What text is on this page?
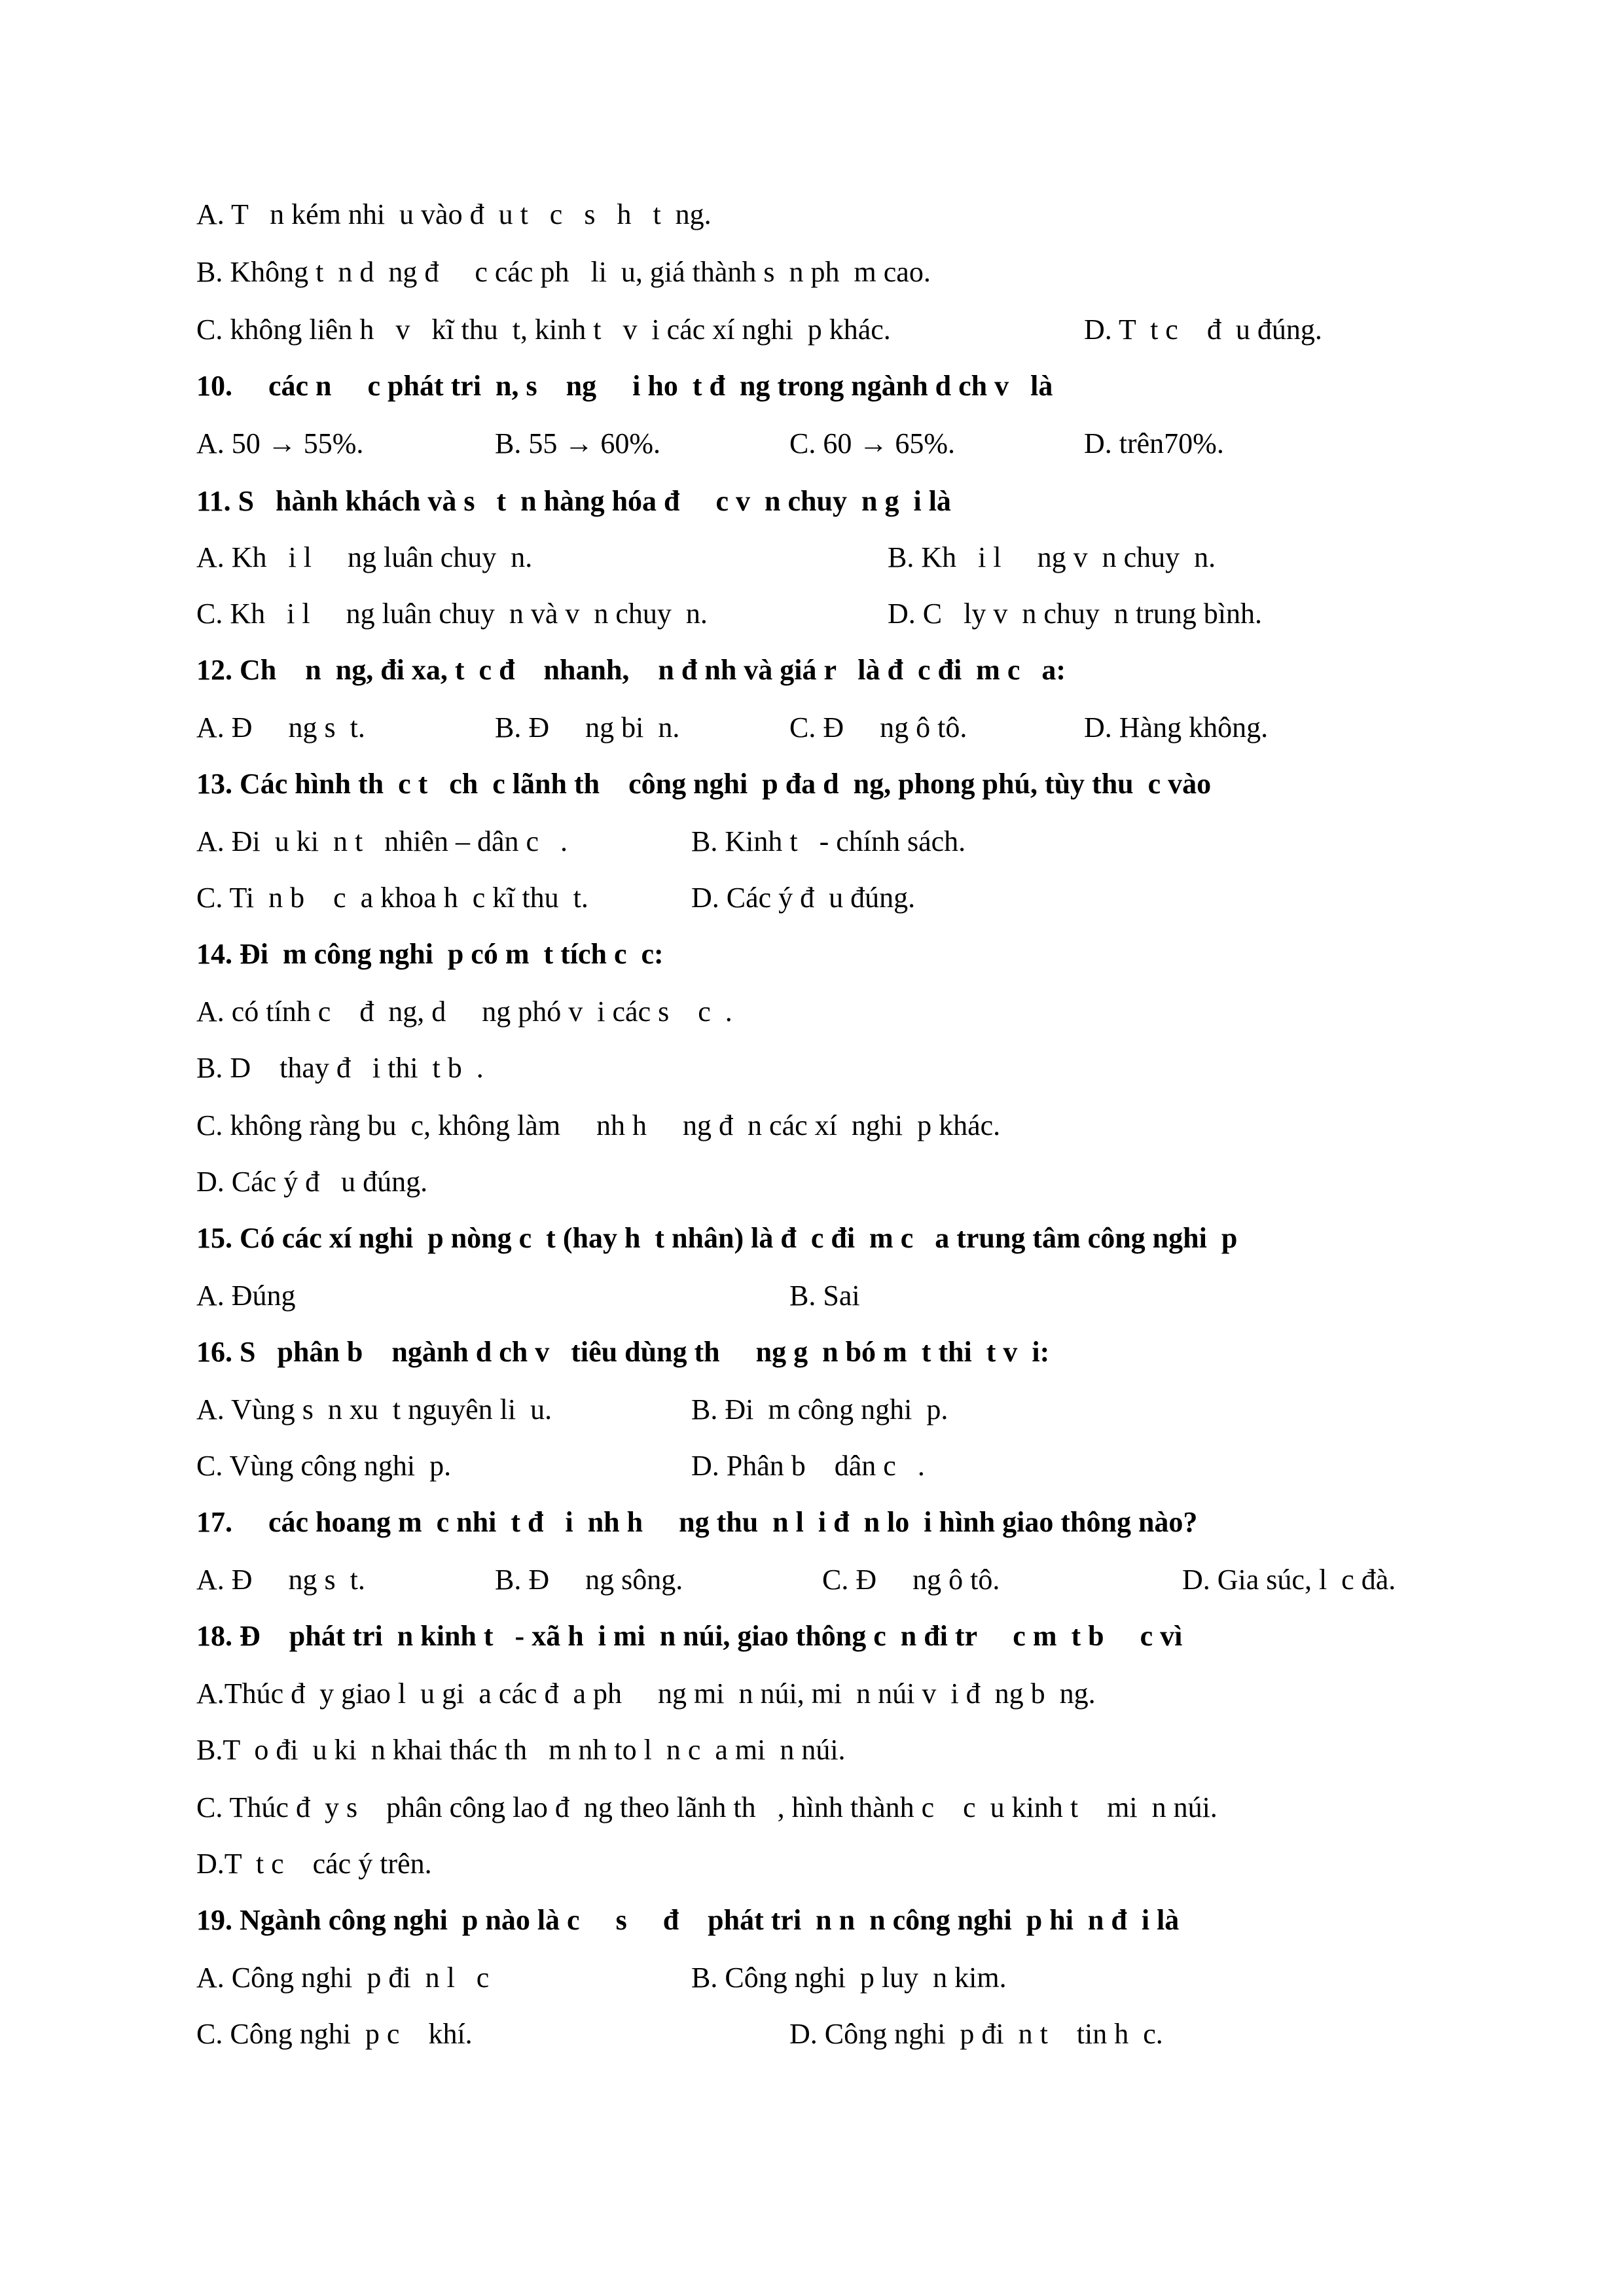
A. T   n kém nhi  u vào đ  u t   c   s   h   t  ng.
B. Không t  n d  ng đ     c các ph   li  u, giá thành s  n ph  m cao.

C. không liên h   v   kĩ thu  t, kinh t   v  i các xí nghi  p khác.

	D. T  t c    đ  u đúng.

10.     các n     c phát tri  n, s    ng     i ho  t đ  ng trong ngành d ch v   là

A. 50 → 55%.

	B. 55 → 60%.

	C. 60 → 65%.

	D. trên70%.

11. S   hành khách và s   t  n hàng hóa đ     c v  n chuy  n g  i là

A. Kh   i l     ng luân chuy  n.

	B. Kh   i l     ng v  n chuy  n.

C. Kh   i l     ng luân chuy  n và v  n chuy  n.

	D. C   ly v  n chuy  n trung bình.

12. Ch    n  ng, đi xa, t  c đ    nhanh,    n đ nh và giá r   là đ  c đi  m c   a:

A. Đ     ng s  t.

	B. Đ     ng bi  n.

	C. Đ     ng ô tô.

	D. Hàng không.

13. Các hình th  c t   ch  c lãnh th    công nghi  p đa d  ng, phong phú, tùy thu  c vào

A. Đi  u ki  n t   nhiên – dân c   .

	B. Kinh t   - chính sách.

C. Ti  n b    c  a khoa h  c kĩ thu  t.

	D. Các ý đ  u đúng.

14. Đi  m công nghi  p có m  t tích c  c:
A. có tính c    đ  ng, d     ng phó v  i các s    c  .
B. D    thay đ   i thi  t b  .
C. không ràng bu  c, không làm     nh h     ng đ  n các xí  nghi  p khác.
D. Các ý đ   u đúng.
15. Có các xí nghi  p nòng c  t (hay h  t nhân) là đ  c đi  m c   a trung tâm công nghi  p

A. Đúng

	B. Sai

16. S   phân b    ngành d ch v   tiêu dùng th     ng g  n bó m  t thi  t v  i:

A. Vùng s  n xu  t nguyên li  u.

	B. Đi  m công nghi  p.

C. Vùng công nghi  p.

	D. Phân b    dân c   .

17.     các hoang m  c nhi  t đ   i  nh h     ng thu  n l  i đ  n lo  i hình giao thông nào?

A. Đ     ng s  t.

	B. Đ     ng sông.

	C. Đ     ng ô tô.

	D. Gia súc, l  c đà.

18. Đ    phát tri  n kinh t   - xã h  i mi  n núi, giao thông c  n đi tr     c m  t b     c vì
A.Thúc đ  y giao l  u gi  a các đ  a ph     ng mi  n núi, mi  n núi v  i đ  ng b  ng.
B.T  o đi  u ki  n khai thác th   m nh to l  n c  a mi  n núi.
C. Thúc đ  y s    phân công lao đ  ng theo lãnh th   , hình thành c    c  u kinh t    mi  n núi.
D.T  t c    các ý trên.
19. Ngành công nghi  p nào là c     s     đ    phát tri  n n  n công nghi  p hi  n đ  i là

A. Công nghi  p đi  n l   c

	B. Công nghi  p luy  n kim.

C. Công nghi  p c    khí.

	D. Công nghi  p đi  n t    tin h  c.
